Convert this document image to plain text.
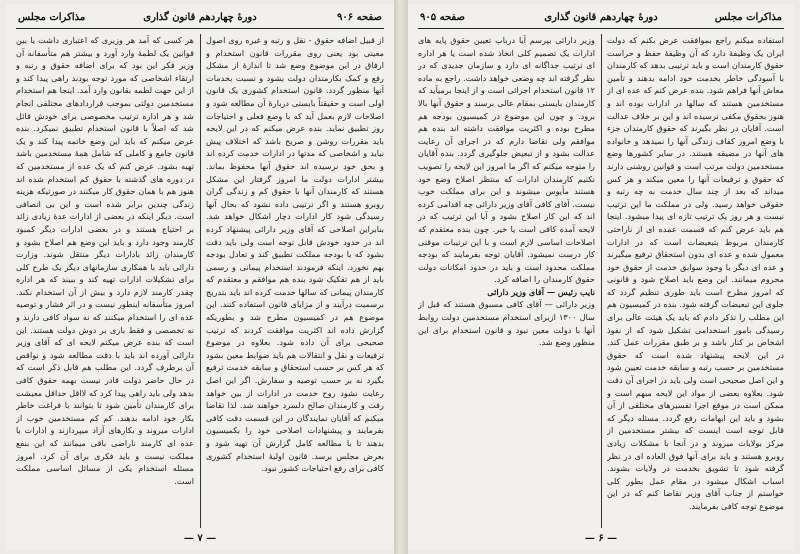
صفحه ۹۰۶
دورهٔ چهاردهم قانون گذاری
مذاکرات مجلس

از قبیل اضافه حقوق - نقل و رتبه و غیره روی اصول معینی بود یعنی روی مقررات قانون استخدام و ارفاق در این موضوع وضع شد تا اندازهٔ از مشکل رفع و کمک بکارمندان دولت بشود و نسبت بخدمات آنها منظور گردد. قانون استخدام کشوری یک قانون اولی است و حقیقتاً بایستی دربارهٔ آن مطالعه شود و اصلاحات لازم بعمل آید که با وضع فعلی و احتیاجات روز تطبیق نماید. بنده عرض میکنم که در این لایحه باید مقررات روشن و صریح باشد که اختلاف پیش نیاید و اشخاصی که مدتها در ادارات خدمت کرده اند و بحق خود نرسیده اند حقوق آنها محفوظ بماند. بیشتر ادارات دولت ما امروز گرفتار این مشکل هستند که کارمندان آنها با حقوق کم و زندگی گران روبرو هستند و اگر ترتیبی داده نشود که بحال آنها رسیدگی شود کار ادارات دچار اشکال خواهد شد. بنابراین اصلاحی که آقای وزیر دارائی پیشنهاد کرده اند در حدود خودش قابل توجه است ولی باید دقت بشود که با بودجه مملکت تطبیق کند و تعادل بودجه بهم نخورد. اینکه فرمودند استخدام پیمانی و رسمی باید از هم تفکیک شود بنده هم موافقم و معتقدم که کارمندان پیمانی که سالها خدمت کرده اند باید بتدریج برسمیت درآیند و از مزایای قانون استفاده کنند. این موضوع هم در کمیسیون مطرح شد و بطوریکه گزارش داده اند اکثریت موافقت کردند که ترتیب صحیحی برای آن داده شود. بعلاوه در موضوع ترفیعات و نقل و انتقالات هم باید ضوابط معین بشود که هر کس بر حسب استحقاق و سابقه خدمت ترفیع بگیرد نه بر حسب توصیه و سفارش. اگر این اصل رعایت نشود روح خدمت در ادارات از بین خواهد رفت و کارمندان صالح دلسرد خواهند شد. لذا تقاضا میکنم که آقایان نمایندگان در این قسمت دقت کافی بفرمایند و پیشنهادات اصلاحی خود را بکمیسیون بدهند تا با مطالعه کامل گزارش آن تهیه شود و بعرض مجلس برسد. قانون اولیهٔ استخدام کشوری کافی برای رفع احتیاجات کشور نبود.

هر کسی که آمد هر وزیری که اعتباری داشت یا بین قوانین یک لطمهٔ وارد آورد و بیشتر هم متأسفانه آن وزیر فکر این بود که برای اضافه حقوق و رتبه و ارتقاء اشخاصی که مورد توجه بودند راهی پیدا کند و از این جهت لطمه بقانون وارد آمد. اینجا هم استخدام مستخدمین دولتی بموجب قراردادهای مختلفی انجام شد و هر اداره ترتیب مخصوصی برای خودش قائل شد که اصلاً با قانون استخدام تطبیق نمیکرد. بنده عرض میکنم که باید این وضع خاتمه پیدا کند و یک قانون جامع و کاملی که شامل همهٔ مستخدمین باشد تهیه بشود. عرض کنم که یک عده از مستخدمین که در دوره های گذشته با حقوق کم استخدام شده اند هنوز هم با همان حقوق کار میکنند در صورتیکه هزینه زندگی چندین برابر شده است و این بی انصافی است. دیگر اینکه در بعضی از ادارات عدهٔ زیادی زائد بر احتیاج هستند و در بعضی ادارات دیگر کمبود کارمند وجود دارد و باید این وضع هم اصلاح بشود و کارمندان زائد بادارات دیگر منتقل شوند. وزارت دارائی باید با همکاری سازمانهای دیگر یک طرح کلی برای تشکیلات ادارات تهیه کند و ببیند که هر اداره چقدر کارمند لازم دارد و بیش از آن استخدام نکند. امروز متأسفانه اینطور نیست و در اثر فشار و توصیه عده ای را استخدام میکنند که نه سواد کافی دارند و نه تخصصی و فقط باری بر دوش دولت هستند. این است که بنده عرض میکنم لایحه ای که آقای وزیر دارائی آورده اند باید با دقت مطالعه شود و نواقص آن برطرف گردد. این مطلب هم قابل ذکر است که در حال حاضر دولت قادر نیست بهمه حقوق کافی بدهد ولی باید راهی پیدا کرد که لااقل حداقل معیشت برای کارمندان تأمین شود تا بتوانند با فراغت خاطر بکار خود ادامه بدهند. کم کم مستخدمین خوب از ادارات میروند و بکارهای آزاد میپردازند و ادارات با عده ای کارمند ناراضی باقی میمانند که این بنفع مملکت نیست و باید فکری برای آن کرد. امروز مسئله استخدام یکی از مسائل اساسی مملکت است.

— ۷ —
صفحه ۹۰۵	دورهٔ چهاردهم قانون گذاری	مذاکرات مجلس

استفاده میکنم راجع بموافقت عرض بکنم که دولت ایران یک وظیفهٔ دارد که آن وظیفهٔ حفظ و حراست حقوق کارمندان است و باید ترتیبی بدهد که کارمندان با آسودگی خاطر بخدمت خود ادامه بدهند و تأمین معاش آنها فراهم شود. بنده عرض کنم که عده ای از مستخدمین هستند که سالها در ادارات بوده اند و هنوز بحقوق مکفی نرسیده اند و این بر خلاف عدالت است. آقایان در نظر بگیرند که حقوق کارمندان جزء با وضع امروز کفاف زندگی آنها را نمیدهد و خانواده های آنها در مضیقه هستند. در سایر کشورها وضع مستخدمین دولت مرتب است و قوانین روشنی دارند که حقوق و ترفیعات آنها را معین میکند و هر کس میداند که بعد از چند سال خدمت به چه رتبه و حقوقی خواهد رسید. ولی در مملکت ما این ترتیب نیست و هر روز یک ترتیب تازه ای پیدا میشود. اینجا هم باید عرض کنم که قسمت عمده ای از ناراحتی کارمندان مربوط بتبعیضات است که در ادارات معمول شده و عده ای بدون استحقاق ترفیع میگیرند و عده ای دیگر با وجود سوابق خدمت از حقوق خود محروم میمانند. این وضع باید اصلاح شود و قانونی که امروز مطرح است باید طوری تنظیم گردد که جلوی این تبعیضات گرفته شود. بنده در کمیسیون هم این مطلب را تذکر دادم که باید یک هیئت عالی برای رسیدگی بامور استخدامی تشکیل شود که از نفوذ اشخاص بر کنار باشد و بر طبق مقررات عمل کند. در این لایحه پیشنهاد شده است که حقوق مستخدمین بر حسب رتبه و سابقه خدمت تعیین شود و این اصل صحیحی است ولی باید در اجرای آن دقت شود. بعلاوه بعضی از مواد این لایحه مبهم است و ممکن است در موقع اجرا تفسیرهای مختلفی از آن بشود و باید این ابهامات رفع گردد. مسئله دیگر که قابل توجه است اینست که بیشتر مستخدمین از مرکز بولایات میروند و در آنجا با مشکلات زیادی روبرو هستند و باید برای آنها فوق العاده ای در نظر گرفته شود تا تشویق بخدمت در ولایات بشوند. اسباب اشکال میشود در مقام عمل بطور کلی خواستم از جناب آقای وزیر تقاضا کنم که در این موضوع توجه کافی بفرمایند.

وزیر دارائی بپرسم آیا درباب تعیین حقوق پایه های ادارات یک تصمیم کلی اتخاذ شده است یا هر اداره ای ترتیب جداگانه ای دارد و سازمان جدیدی که در نظر گرفته اند چه وضعی خواهد داشت. راجع به ماده ۱۲ قانون استخدام اجرائی است و از اینجا برمیآید که کارمندان بایستی بمقام عالی برسند و حقوق آنها بالا برود. و چون این موضوع در کمیسیون بودجه هم مطرح بوده و اکثریت موافقت داشته اند بنده هم موافقم ولی تقاضا دارم که در اجرای آن رعایت عدالت بشود و از تبعیض جلوگیری گردد. بنده آقایان را متوجه میکنم که اگر ما امروز این لایحه را تصویب نکنیم کارمندان ادارات که منتظر اصلاح وضع خود هستند مأیوس میشوند و این برای مملکت خوب نیست. آقای کافی آقای وزیر دارائی چه اقدامی کرده اند که این کار اصلاح بشود و آیا این ترتیب که در لایحه آمده کافی است یا خیر. چون بنده معتقدم که اصلاحات اساسی لازم است و با این ترتیبات موقتی کار درست نمیشود. آقایان توجه بفرمایند که بودجه مملکت محدود است و باید در حدود امکانات دولت حقوق کارمندان را اضافه کرد.

نایب رئیس — آقای وزیر دارائی

وزیر دارائی — آقای کافی مسبوق هستند که قبل از سال ۱۳۰۰ ازبرای استخدام مستخدمین دولت روابط آنها با دولت معین نبود و قانون استخدام برای این منظور وضع شد.

— ۶ —
